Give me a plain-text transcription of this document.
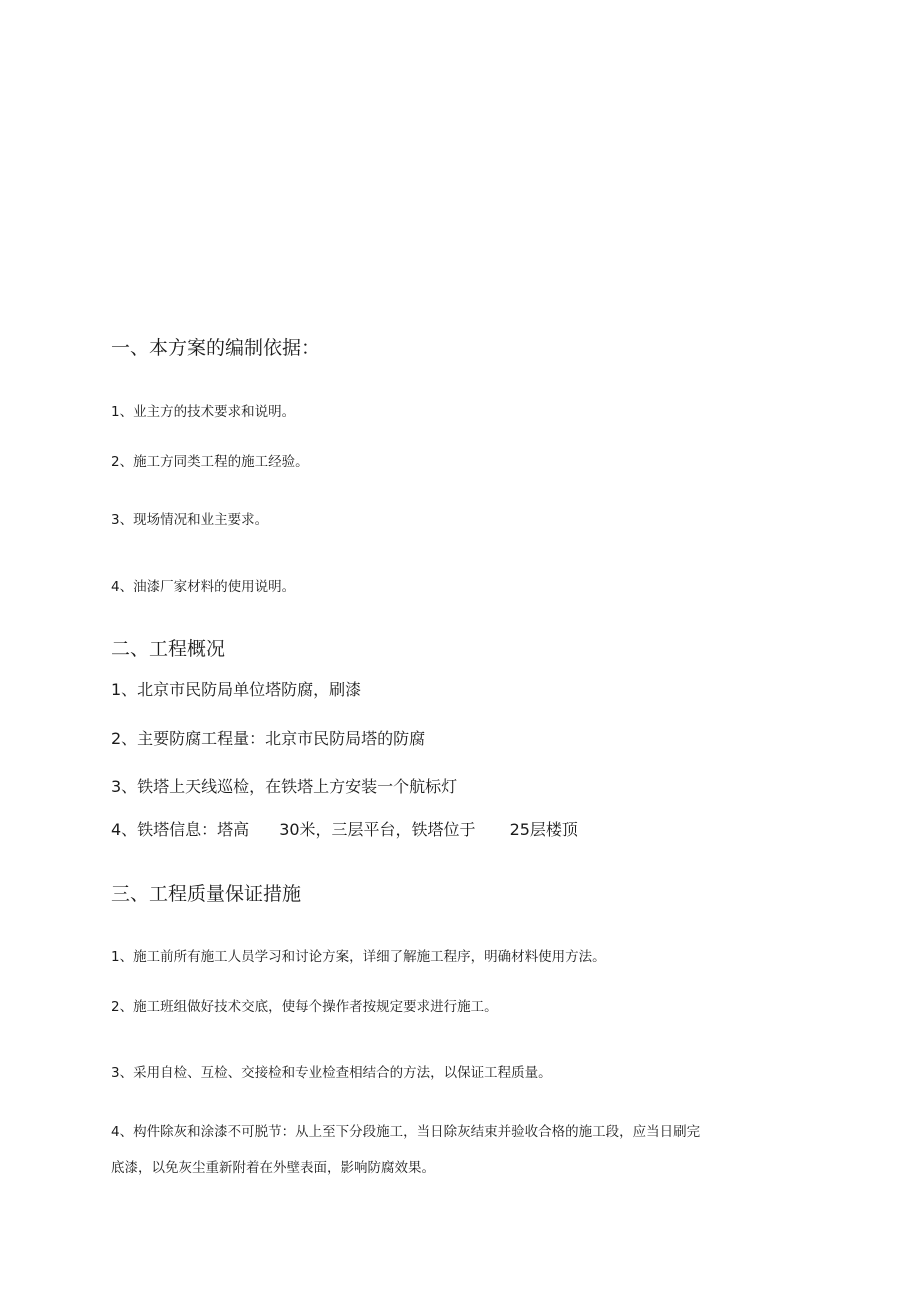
一、本方案的编制依据：
1、业主方的技术要求和说明。
2、施工方同类工程的施工经验。
3、现场情况和业主要求。
4、油漆厂家材料的使用说明。
二、工程概况
1、北京市民防局单位塔防腐，刷漆
2、主要防腐工程量：北京市民防局塔的防腐
3、铁塔上天线巡检，在铁塔上方安装一个航标灯
4、铁塔信息：塔高 30米，三层平台，铁塔位于 25层楼顶
三、工程质量保证措施
1、施工前所有施工人员学习和讨论方案，详细了解施工程序，明确材料使用方法。
2、施工班组做好技术交底，使每个操作者按规定要求进行施工。
3、采用自检、互检、交接检和专业检查相结合的方法，以保证工程质量。
4、构件除灰和涂漆不可脱节：从上至下分段施工，当日除灰结束并验收合格的施工段，应当日刷完
底漆，以免灰尘重新附着在外壁表面，影响防腐效果。
